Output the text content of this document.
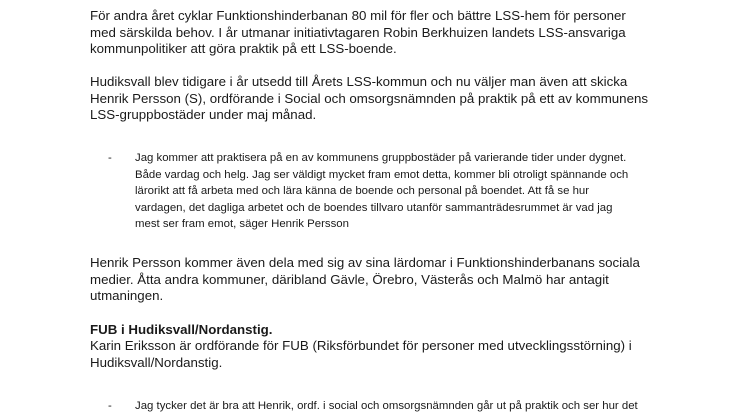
För andra året cyklar Funktionshinderbanan 80 mil för fler och bättre LSS-hem för personer
med särskilda behov. I år utmanar initiativtagaren Robin Berkhuizen landets LSS-ansvariga
kommunpolitiker att göra praktik på ett LSS-boende.

Hudiksvall blev tidigare i år utsedd till Årets LSS-kommun och nu väljer man även att skicka
Henrik Persson (S), ordförande i Social och omsorgsnämnden på praktik på ett av kommunens
LSS-gruppbostäder under maj månad.

- Jag kommer att praktisera på en av kommunens gruppbostäder på varierande tider under dygnet.
Både vardag och helg. Jag ser väldigt mycket fram emot detta, kommer bli otroligt spännande och
lärorikt att få arbeta med och lära känna de boende och personal på boendet. Att få se hur
vardagen, det dagliga arbetet och de boendes tillvaro utanför sammanträdesrummet är vad jag
mest ser fram emot, säger Henrik Persson

Henrik Persson kommer även dela med sig av sina lärdomar i Funktionshinderbanans sociala
medier. Åtta andra kommuner, däribland Gävle, Örebro, Västerås och Malmö har antagit
utmaningen.

FUB i Hudiksvall/Nordanstig.

Karin Eriksson är ordförande för FUB (Riksförbundet för personer med utvecklingsstörning) i
Hudiksvall/Nordanstig.

- Jag tycker det är bra att Henrik, ordf. i social och omsorgsnämnden går ut på praktik och ser hur det
